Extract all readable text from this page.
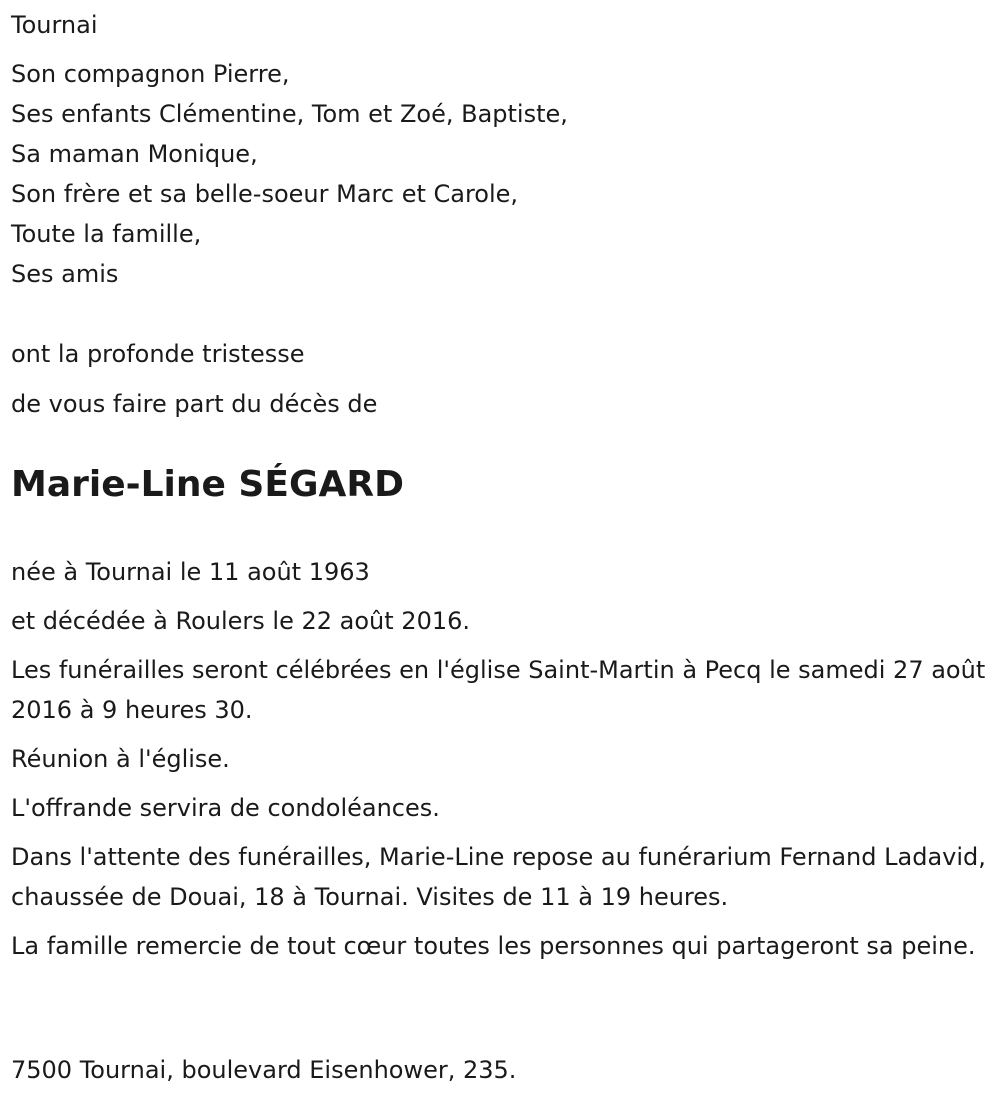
Tournai
Son compagnon Pierre,
Ses enfants Clémentine, Tom et Zoé, Baptiste,
Sa maman Monique,
Son frère et sa belle-soeur Marc et Carole,
Toute la famille,
Ses amis
ont la profonde tristesse
de vous faire part du décès de
Marie-Line SÉGARD
née à Tournai le 11 août 1963
et décédée à Roulers le 22 août 2016.
Les funérailles seront célébrées en l'église Saint-Martin à Pecq le samedi 27 août 2016 à 9 heures 30.
Réunion à l'église.
L'offrande servira de condoléances.
Dans l'attente des funérailles, Marie-Line repose au funérarium Fernand Ladavid, chaussée de Douai, 18 à Tournai. Visites de 11 à 19 heures.
La famille remercie de tout cœur toutes les personnes qui partageront sa peine.
7500 Tournai, boulevard Eisenhower, 235.
